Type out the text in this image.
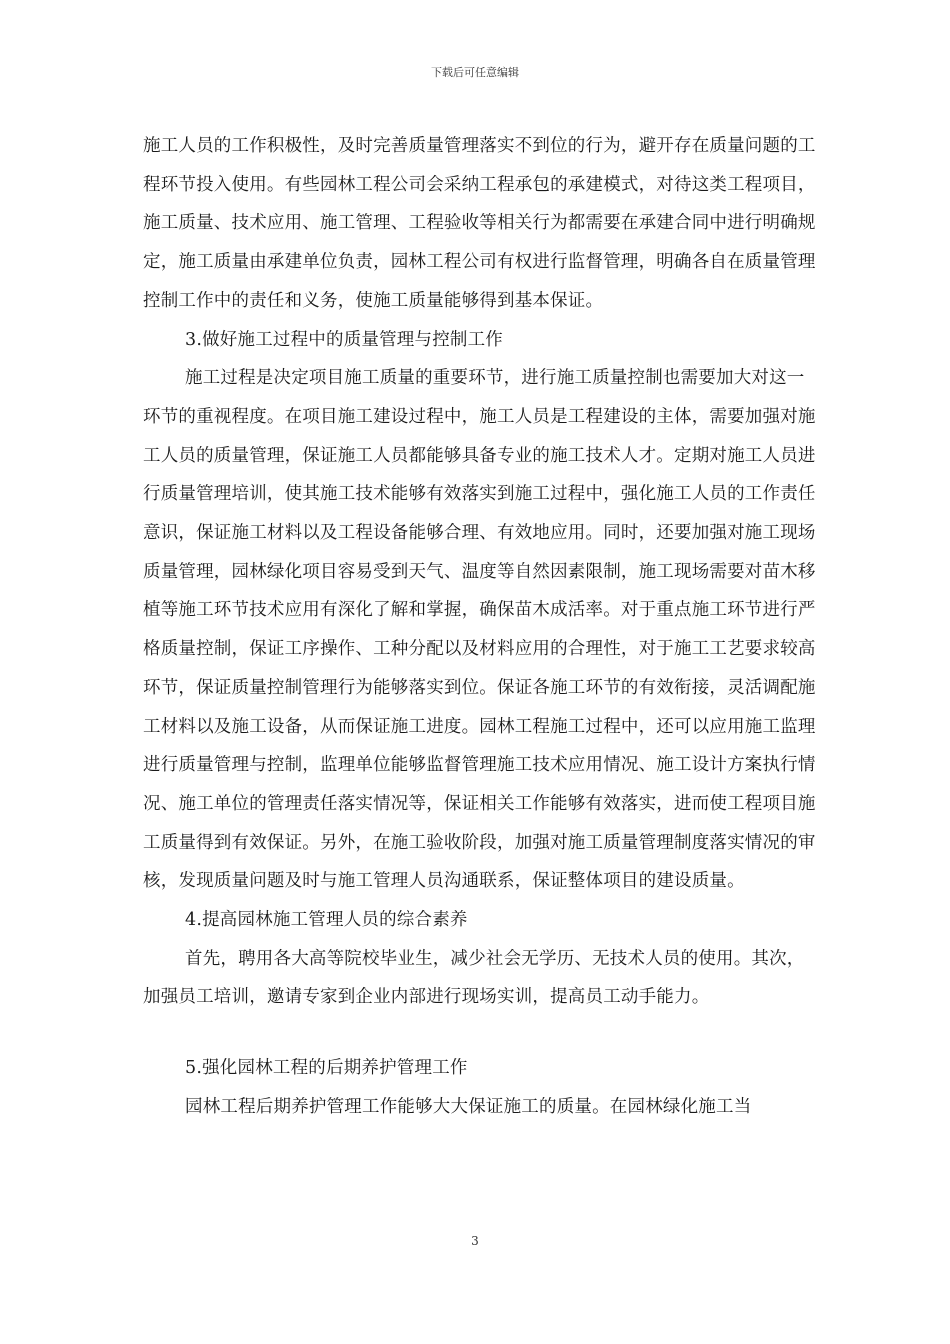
下载后可任意编辑

施工人员的工作积极性，及时完善质量管理落实不到位的行为，避开存在质量问题的工程环节投入使用。有些园林工程公司会采纳工程承包的承建模式，对待这类工程项目，施工质量、技术应用、施工管理、工程验收等相关行为都需要在承建合同中进行明确规定，施工质量由承建单位负责，园林工程公司有权进行监督管理，明确各自在质量管理控制工作中的责任和义务，使施工质量能够得到基本保证。

3.做好施工过程中的质量管理与控制工作

施工过程是决定项目施工质量的重要环节，进行施工质量控制也需要加大对这一环节的重视程度。在项目施工建设过程中，施工人员是工程建设的主体，需要加强对施工人员的质量管理，保证施工人员都能够具备专业的施工技术人才。定期对施工人员进行质量管理培训，使其施工技术能够有效落实到施工过程中，强化施工人员的工作责任意识，保证施工材料以及工程设备能够合理、有效地应用。同时，还要加强对施工现场质量管理，园林绿化项目容易受到天气、温度等自然因素限制，施工现场需要对苗木移植等施工环节技术应用有深化了解和掌握，确保苗木成活率。对于重点施工环节进行严格质量控制，保证工序操作、工种分配以及材料应用的合理性，对于施工工艺要求较高环节，保证质量控制管理行为能够落实到位。保证各施工环节的有效衔接，灵活调配施工材料以及施工设备，从而保证施工进度。园林工程施工过程中，还可以应用施工监理进行质量管理与控制，监理单位能够监督管理施工技术应用情况、施工设计方案执行情况、施工单位的管理责任落实情况等，保证相关工作能够有效落实，进而使工程项目施工质量得到有效保证。另外，在施工验收阶段，加强对施工质量管理制度落实情况的审核，发现质量问题及时与施工管理人员沟通联系，保证整体项目的建设质量。

4.提高园林施工管理人员的综合素养

首先，聘用各大高等院校毕业生，减少社会无学历、无技术人员的使用。其次，加强员工培训，邀请专家到企业内部进行现场实训，提高员工动手能力。

5.强化园林工程的后期养护管理工作

园林工程后期养护管理工作能够大大保证施工的质量。在园林绿化施工当

3
